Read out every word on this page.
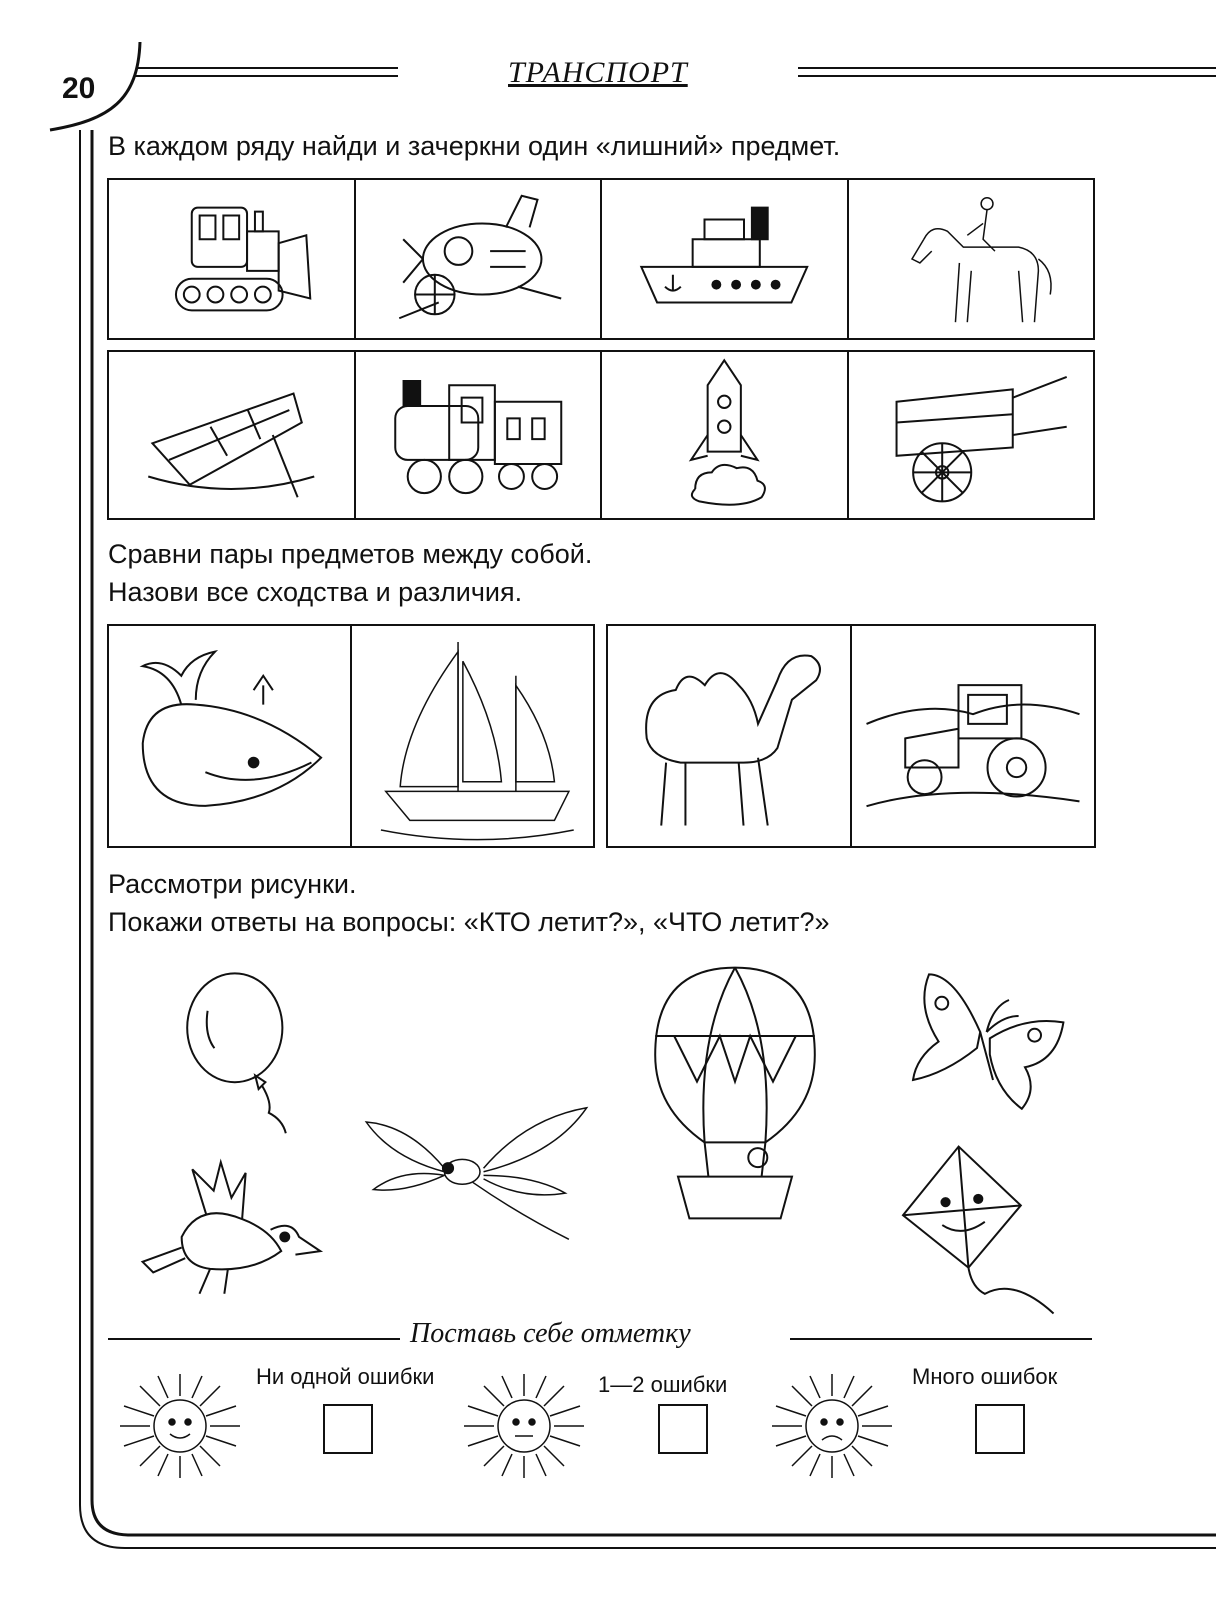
20	ТРАНСПОРТ
В каждом ряду найди и зачеркни один «лишний» предмет.
Сравни пары предметов между собой.
Назови все сходства и различия.
Рассмотри рисунки.
Покажи ответы на вопросы: «КТО летит?», «ЧТО летит?»
Поставь себе отметку
Ни одной ошибки	1—2 ошибки	Много ошибок
